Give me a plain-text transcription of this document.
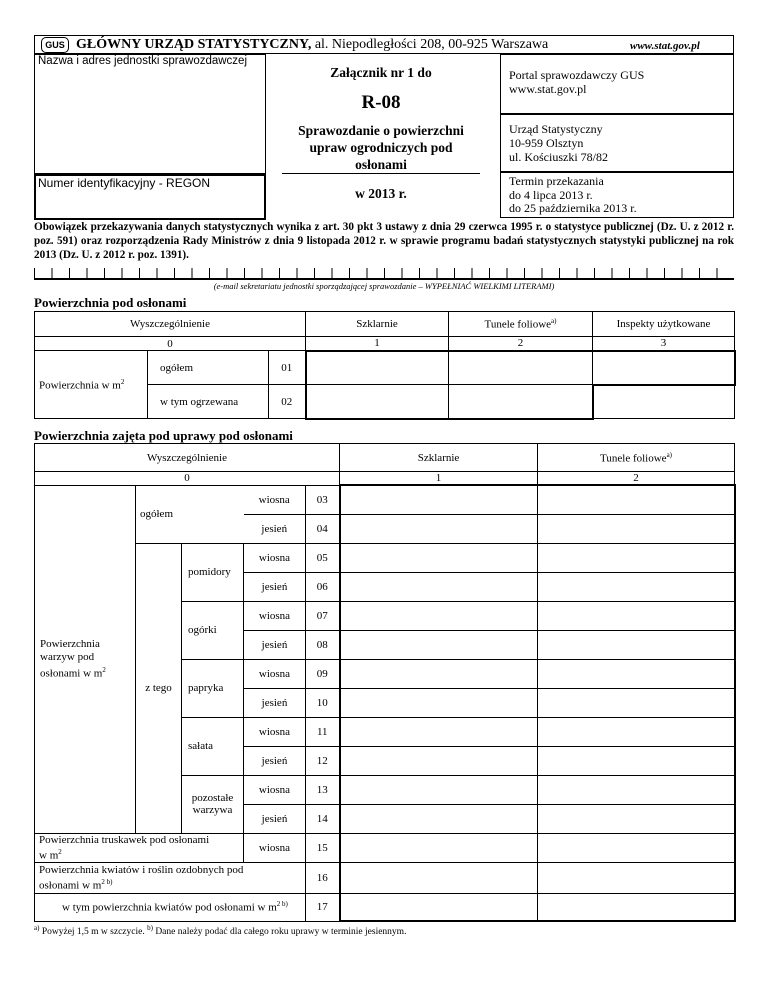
GUS GŁÓWNY URZĄD STATYSTYCZNY, al. Niepodległości 208, 00-925 Warszawa	www.stat.gov.pl
Nazwa i adres jednostki sprawozdawczej
Numer identyfikacyjny - REGON
Załącznik nr 1 do
R-08
Sprawozdanie o powierzchni
upraw ogrodniczych pod
osłonami
w 2013 r.
Portal sprawozdawczy GUS
www.stat.gov.pl
Urząd Statystyczny
10-959 Olsztyn
ul. Kościuszki 78/82
Termin przekazania
do 4 lipca 2013 r.
do 25 października 2013 r.
Obowiązek przekazywania danych statystycznych wynika z art. 30 pkt 3 ustawy z dnia 29 czerwca 1995 r. o statystyce publicznej (Dz. U. z 2012 r. poz. 591) oraz rozporządzenia Rady Ministrów z dnia 9 listopada 2012 r. w sprawie programu badań statystycznych statystyki publicznej na rok 2013 (Dz. U. z 2012 r. poz. 1391).
(e-mail sekretariatu jednostki sporządzającej sprawozdanie – WYPEŁNIAĆ WIELKIMI LITERAMI)
Powierzchnia pod osłonami
Wyszczególnienie			Szklarnie	Tunele foliowe$^{a)}$	Inspekty użytkowane
0			1	2	3
Powierzchnia w $m^2$	ogółem	01			
	w tym ogrzewana	02			
Powierzchnia zajęta pod uprawy pod osłonami
Wyszczególnienie					Szklarnie	Tunele foliowe$^{a)}$
0					1	2

Powierzchnia
warzyw pod
osłonami w $m^2$	ogółem		wiosna	03		
			jesień	04		
	z tego	pomidory	wiosna	05		
			jesień	06		
		ogórki	wiosna	07		
			jesień	08		
		papryka	wiosna	09		
			jesień	10		
		sałata	wiosna	11		
			jesień	12		

		pozostałe
warzywa	wiosna	13		
			jesień	14		

Powierzchnia truskawek pod osłonami
w $m^2$			wiosna	15		

Powierzchnia kwiatów i roślin ozdobnych pod
osłonami w $m^{2 b)}$				16		
w tym powierzchnia kwiatów pod osłonami w $m^{2 b)}$				17		
$^{a)}$ Powyżej 1,5 m w szczycie. $^{b)}$ Dane należy podać dla całego roku uprawy w terminie jesiennym.
